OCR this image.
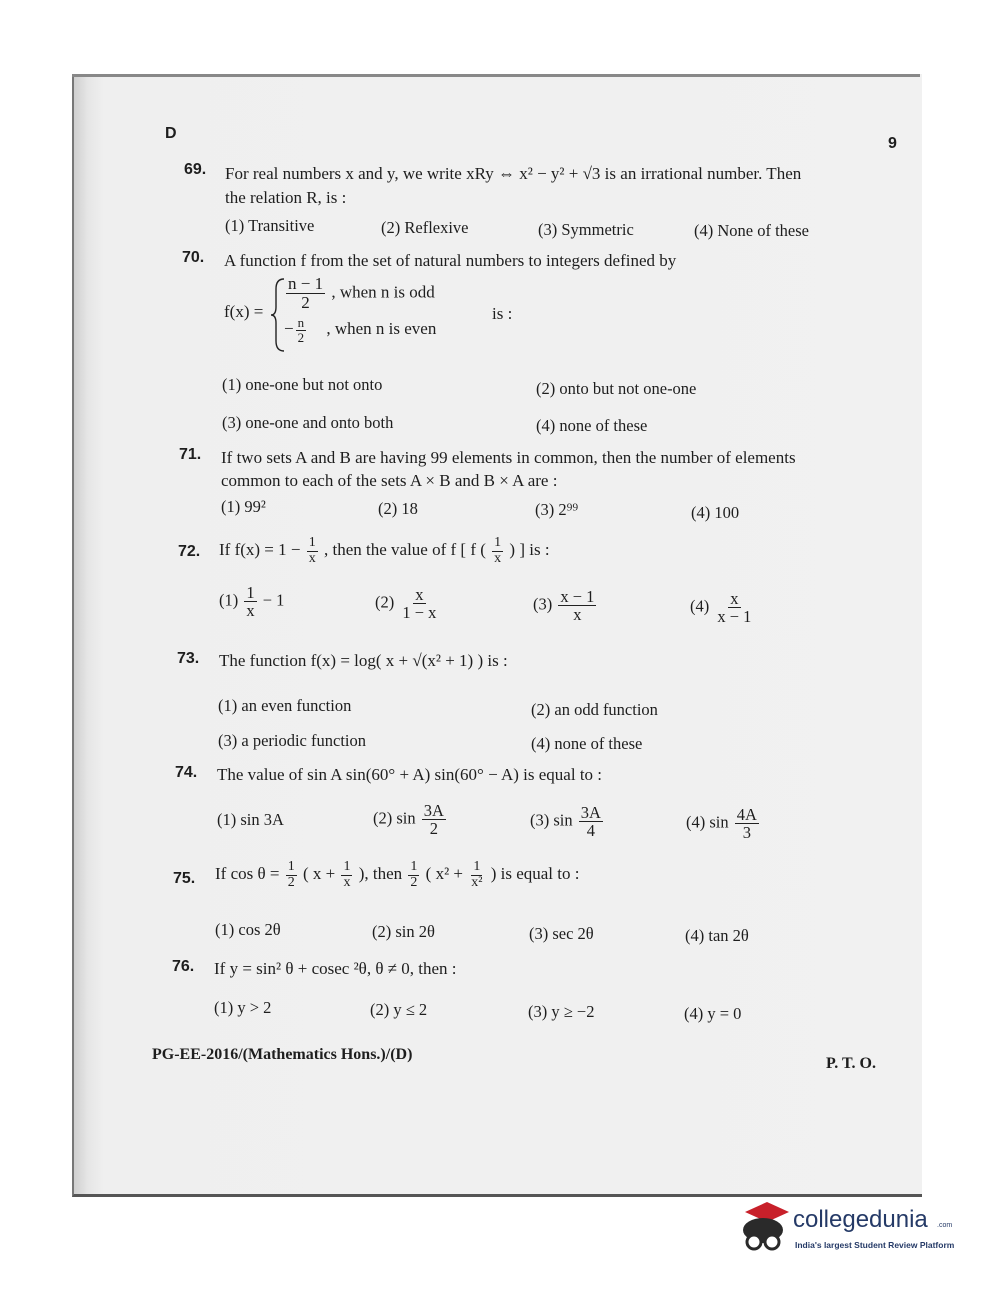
D
9
69. For real numbers x and y, we write xRy ⇔ x² − y² + √3 is an irrational number. Then
the relation R, is :
(1) Transitive	(2) Reflexive	(3) Symmetric	(4) None of these
70. A function f from the set of natural numbers to integers defined by
$f(x) = \frac{n - 1}{2}$ , when n is odd
− $\frac{n}{2}$ , when n is even
is :
(1) one-one but not onto	(2) onto but not one-one
(3) one-one and onto both	(4) none of these
71. If two sets A and B are having 99 elements in common, then the number of elements
common to each of the sets A × B and B × A are :
(1) 99²	(2) 18	(3) 2⁹⁹	(4) 100
72. If $f(x) = 1 - \frac{1}{x}$ , then the value of f [ f ( $\frac{1}{x}$ ) ] is :
$(1) \frac{1}{x} - 1$	$(2) \frac{x}{1 - x}$	$(3) \frac{x - 1}{x}$	$(4) \frac{x}{x - 1}$
73. The function f(x) = log( x + √(x² + 1) ) is :
(1) an even function	(2) an odd function
(3) a periodic function	(4) none of these
74. The value of sin A sin(60° + A) sin(60° − A) is equal to :
(1) sin 3A	(2) $\sin \frac{3A}{2}$	(3) $\sin \frac{3A}{4}$	(4) $\sin \frac{4A}{3}$
75. If $\cos \theta = \frac{1}{2}$ ( $x + \frac{1}{x}$ ), then $\frac{1}{2}$ ( $x^2 + \frac{1}{\text{x²}}$ ) is equal to :
(1) cos 2θ	(2) sin 2θ	(3) sec 2θ	(4) tan 2θ
76. If y = sin² θ + cosec ²θ, θ ≠ 0, then :
(1) y > 2	(2) y ≤ 2	(3) y ≥ −2	(4) y = 0
PG-EE-2016/(Mathematics Hons.)/(D)
P. T. O.
collegedunia .com
India's largest Student Review Platform
